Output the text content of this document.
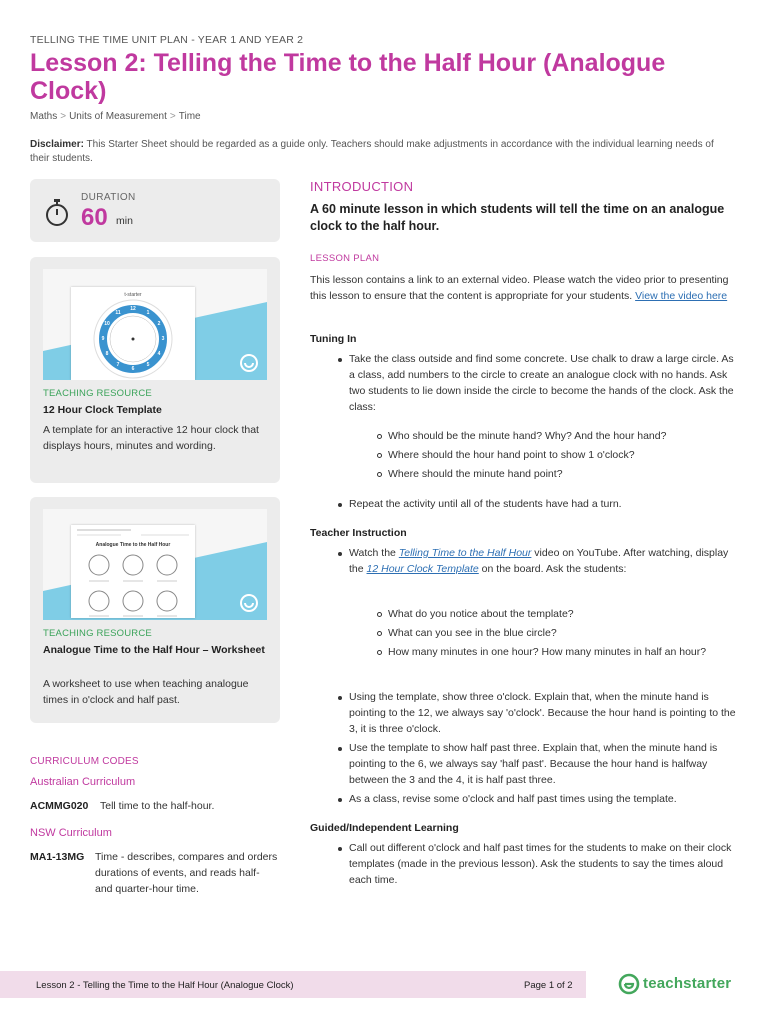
TELLING THE TIME UNIT PLAN - YEAR 1 AND YEAR 2
Lesson 2: Telling the Time to the Half Hour (Analogue Clock)
Maths > Units of Measurement > Time
Disclaimer: This Starter Sheet should be regarded as a guide only. Teachers should make adjustments in accordance with the individual learning needs of their students.
DURATION
60 min
t-starter
12
1
2
3
4
5
6
7
8
9
10
11
TEACHING RESOURCE
12 Hour Clock Template
A template for an interactive 12 hour clock that displays hours, minutes and wording.
Analogue Time to the Half Hour
TEACHING RESOURCE
Analogue Time to the Half Hour – Worksheet
A worksheet to use when teaching analogue times in o'clock and half past.
CURRICULUM CODES
Australian Curriculum
ACMMG020 Tell time to the half-hour.
NSW Curriculum
MA1-13MG Time - describes, compares and orders durations of events, and reads half- and quarter-hour time.
INTRODUCTION
A 60 minute lesson in which students will tell the time on an analogue clock to the half hour.
LESSON PLAN
This lesson contains a link to an external video. Please watch the video prior to presenting this lesson to ensure that the content is appropriate for your students. View the video here
Tuning In
Take the class outside and find some concrete. Use chalk to draw a large circle. As a class, add numbers to the circle to create an analogue clock with no hands. Ask two students to lie down inside the circle to become the hands of the clock. Ask the class:
Who should be the minute hand? Why? And the hour hand?
Where should the hour hand point to show 1 o'clock?
Where should the minute hand point?
Repeat the activity until all of the students have had a turn.
Teacher Instruction
Watch the Telling Time to the Half Hour video on YouTube. After watching, display the 12 Hour Clock Template on the board. Ask the students:
What do you notice about the template?
What can you see in the blue circle?
How many minutes in one hour? How many minutes in half an hour?
Using the template, show three o'clock. Explain that, when the minute hand is pointing to the 12, we always say 'o'clock'. Because the hour hand is pointing to the 3, it is three o'clock.
Use the template to show half past three. Explain that, when the minute hand is pointing to the 6, we always say 'half past'. Because the hour hand is halfway between the 3 and the 4, it is half past three.
As a class, revise some o'clock and half past times using the template.
Guided/Independent Learning
Call out different o'clock and half past times for the students to make on their clock templates (made in the previous lesson). Ask the students to say the times aloud each time.
Lesson 2 - Telling the Time to the Half Hour (Analogue Clock)	Page 1 of 2	teachstarter
